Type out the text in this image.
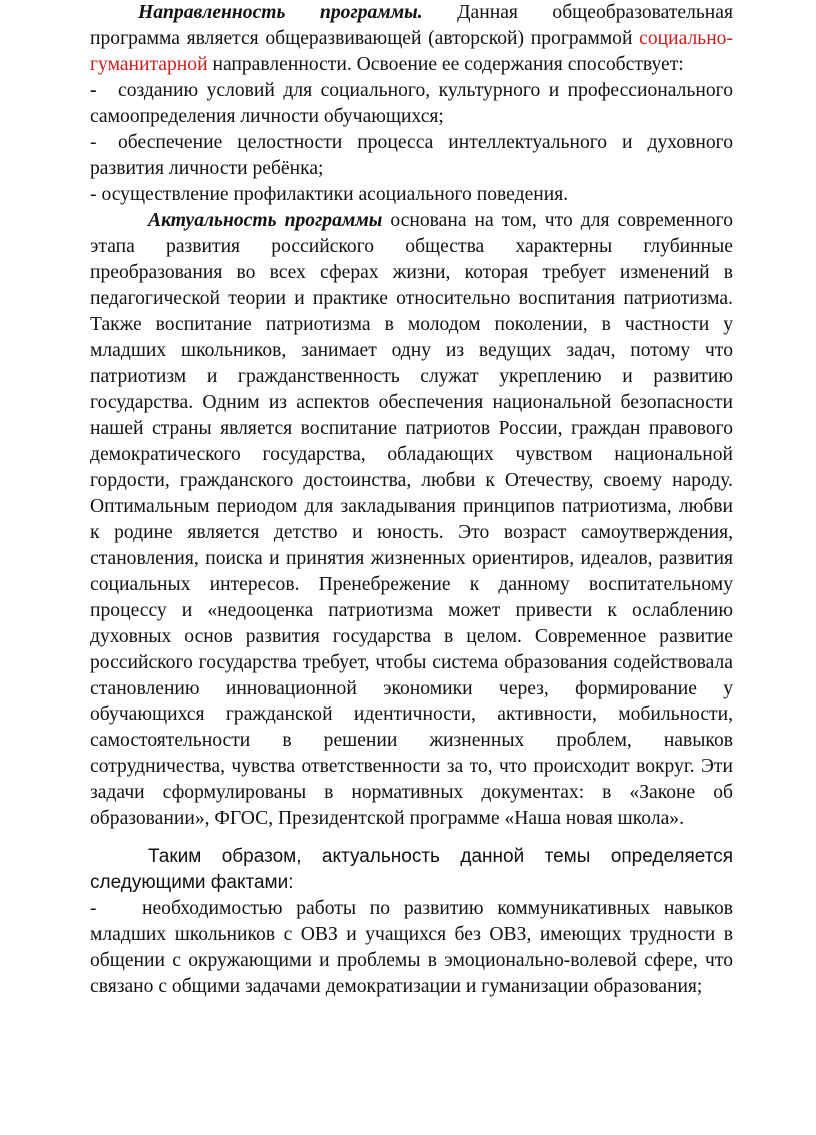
Направленность программы. Данная общеобразовательная программа является общеразвивающей (авторской) программой социально-гуманитарной направленности. Освоение ее содержания способствует:

- созданию условий для социального, культурного и профессионального самоопределения личности обучающихся;

- обеспечение целостности процесса интеллектуального и духовного развития личности ребёнка;

- осуществление профилактики асоциального поведения.

Актуальность программы основана на том, что для современного этапа развития российского общества характерны глубинные преобразования во всех сферах жизни, которая требует изменений в педагогической теории и практике относительно воспитания патриотизма. Также воспитание патриотизма в молодом поколении, в частности у младших школьников, занимает одну из ведущих задач, потому что патриотизм и гражданственность служат укреплению и развитию государства. Одним из аспектов обеспечения национальной безопасности нашей страны является воспитание патриотов России, граждан правового демократического государства, обладающих чувством национальной гордости, гражданского достоинства, любви к Отечеству, своему народу. Оптимальным периодом для закладывания принципов патриотизма, любви к родине является детство и юность. Это возраст самоутверждения, становления, поиска и принятия жизненных ориентиров, идеалов, развития социальных интересов. Пренебрежение к данному воспитательному процессу и «недооценка патриотизма может привести к ослаблению духовных основ развития государства в целом. Современное развитие российского государства требует, чтобы система образования содействовала становлению инновационной экономики через, формирование у обучающихся гражданской идентичности, активности, мобильности, самостоятельности в решении жизненных проблем, навыков сотрудничества, чувства ответственности за то, что происходит вокруг. Эти задачи сформулированы в нормативных документах: в «Законе об образовании», ФГОС, Президентской программе «Наша новая школа».

Таким образом, актуальность данной темы определяется следующими фактами:

- необходимостью работы по развитию коммуникативных навыков младших школьников с ОВЗ и учащихся без ОВЗ, имеющих трудности в общении с окружающими и проблемы в эмоционально-волевой сфере, что связано с общими задачами демократизации и гуманизации образования;
